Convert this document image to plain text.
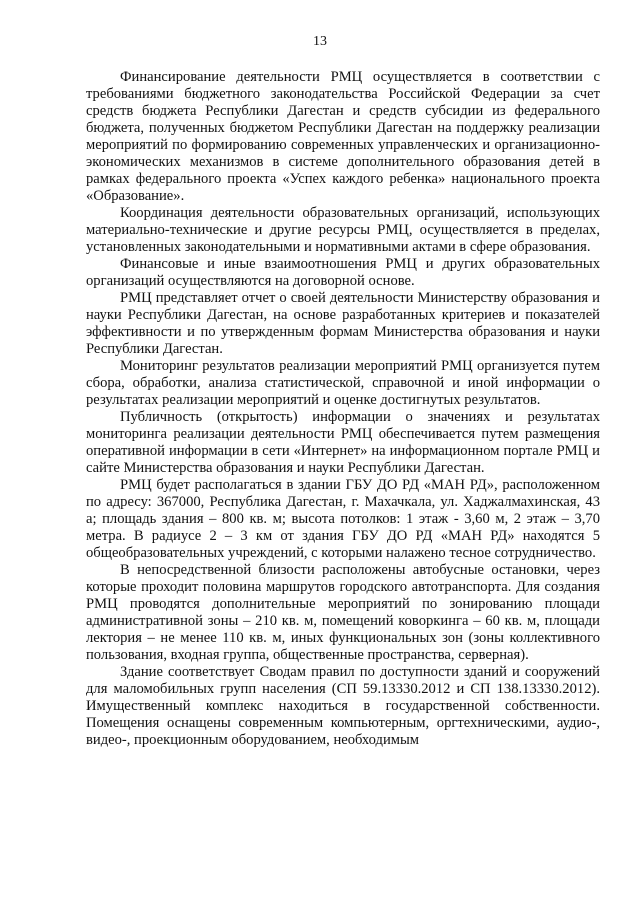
13

Финансирование деятельности РМЦ осуществляется в соответствии с требованиями бюджетного законодательства Российской Федерации за счет средств бюджета Республики Дагестан и средств субсидии из федерального бюджета, полученных бюджетом Республики Дагестан на поддержку реализации мероприятий по формированию современных управленческих и организационно-экономических механизмов в системе дополнительного образования детей в рамках федерального проекта «Успех каждого ребенка» национального проекта «Образование».

Координация деятельности образовательных организаций, использующих материально-технические и другие ресурсы РМЦ, осуществляется в пределах, установленных законодательными и нормативными актами в сфере образования.

Финансовые и иные взаимоотношения РМЦ и других образовательных организаций осуществляются на договорной основе.

РМЦ представляет отчет о своей деятельности Министерству образования и науки Республики Дагестан, на основе разработанных критериев и показателей эффективности и по утвержденным формам Министерства образования и науки Республики Дагестан.

Мониторинг результатов реализации мероприятий РМЦ организуется путем сбора, обработки, анализа статистической, справочной и иной информации о результатах реализации мероприятий и оценке достигнутых результатов.

Публичность (открытость) информации о значениях и результатах мониторинга реализации деятельности РМЦ обеспечивается путем размещения оперативной информации в сети «Интернет» на информационном портале РМЦ и сайте Министерства образования и науки Республики Дагестан.

РМЦ будет располагаться в здании ГБУ ДО РД «МАН РД», расположенном по адресу: 367000, Республика Дагестан, г. Махачкала, ул. Хаджалмахинская, 43 а; площадь здания – 800 кв. м; высота потолков: 1 этаж - 3,60 м, 2 этаж – 3,70 метра. В радиусе 2 – 3 км от здания ГБУ ДО РД «МАН РД» находятся 5 общеобразовательных учреждений, с которыми налажено тесное сотрудничество.

В непосредственной близости расположены автобусные остановки, через которые проходит половина маршрутов городского автотранспорта. Для создания РМЦ проводятся дополнительные мероприятий по зонированию площади административной зоны – 210 кв. м, помещений коворкинга – 60 кв. м, площади лектория – не менее 110 кв. м, иных функциональных зон (зоны коллективного пользования, входная группа, общественные пространства, серверная).

Здание соответствует Сводам правил по доступности зданий и сооружений для маломобильных групп населения (СП 59.13330.2012 и СП 138.13330.2012). Имущественный комплекс находиться в государственной собственности. Помещения оснащены современным компьютерным, оргтехническими, аудио-, видео-, проекционным оборудованием, необходимым
